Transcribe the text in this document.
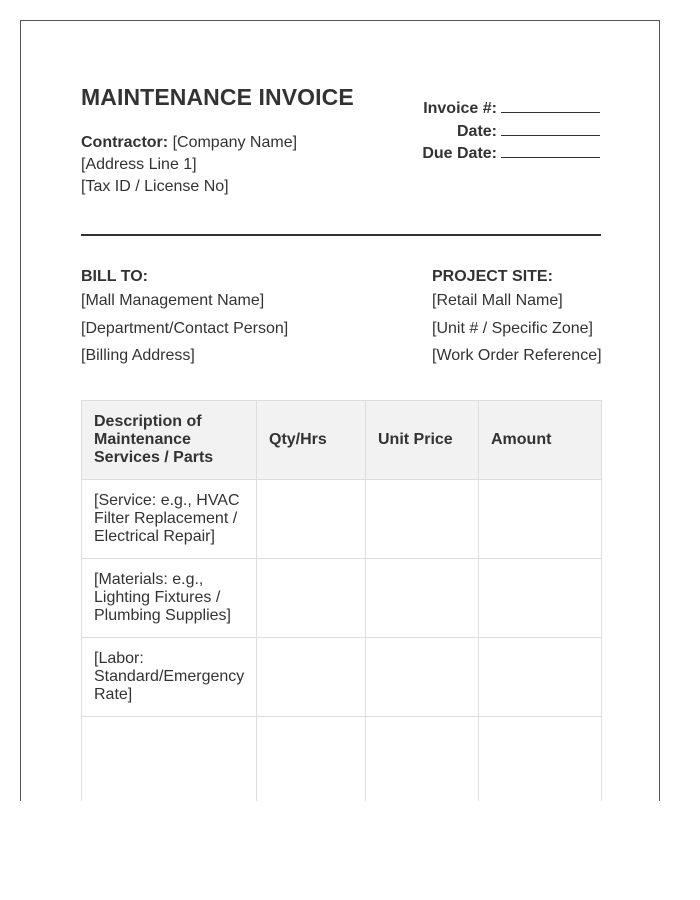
MAINTENANCE INVOICE
Contractor: [Company Name]
[Address Line 1]
[Tax ID / License No]
Invoice #:
Date:
Due Date:
BILL TO:
[Mall Management Name]
[Department/Contact Person]
[Billing Address]
PROJECT SITE:
[Retail Mall Name]
[Unit # / Specific Zone]
[Work Order Reference]
Description of Maintenance Services / Parts	Qty/Hrs	Unit Price	Amount
[Service: e.g., HVAC Filter Replacement / Electrical Repair]			
[Materials: e.g., Lighting Fixtures / Plumbing Supplies]			
[Labor: Standard/Emergency Rate]			
